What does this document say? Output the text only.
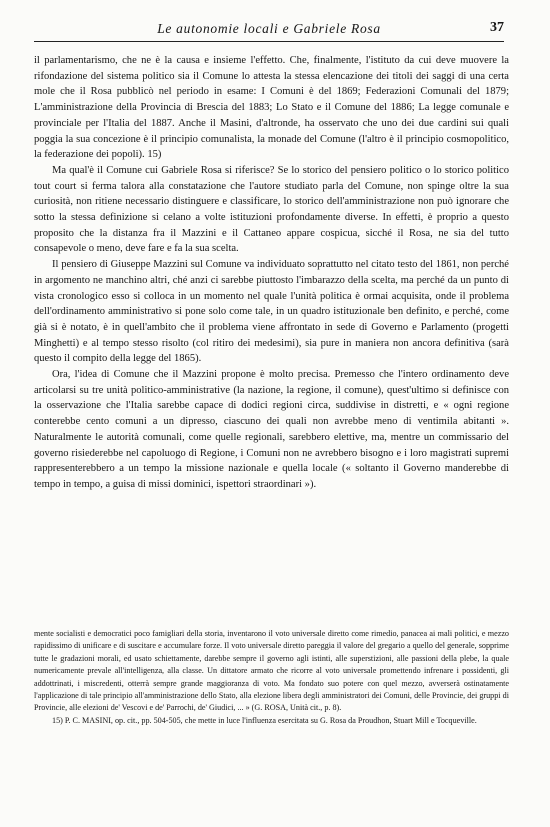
Le autonomie locali e Gabriele Rosa	37

il parlamentarismo, che ne è la causa e insieme l'effetto. Che, finalmente, l'istituto da cui deve muovere la rifondazione del sistema politico sia il Comune lo attesta la stessa elencazione dei titoli dei saggi di una certa mole che il Rosa pubblicò nel periodo in esame: I Comuni è del 1869; Federazioni Comunali del 1879; L'amministrazione della Provincia di Brescia del 1883; Lo Stato e il Comune del 1886; La legge comunale e provinciale per l'Italia del 1887. Anche il Masini, d'altronde, ha osservato che uno dei due cardini sui quali poggia la sua concezione è il principio comunalista, la monade del Comune (l'altro è il principio cosmopolitico, la federazione dei popoli). 15)

Ma qual'è il Comune cui Gabriele Rosa si riferisce? Se lo storico del pensiero politico o lo storico politico tout court si ferma talora alla constatazione che l'autore studiato parla del Comune, non spinge oltre la sua curiosità, non ritiene necessario distinguere e classificare, lo storico dell'amministrazione non può ignorare che sotto la stessa definizione si celano a volte istituzioni profondamente diverse. In effetti, è proprio a questo proposito che la distanza fra il Mazzini e il Cattaneo appare cospicua, sicché il Rosa, ne sia del tutto consapevole o meno, deve fare e fa la sua scelta.

Il pensiero di Giuseppe Mazzini sul Comune va individuato soprattutto nel citato testo del 1861, non perché in argomento ne manchino altri, ché anzi ci sarebbe piuttosto l'imbarazzo della scelta, ma perché da un punto di vista cronologico esso si colloca in un momento nel quale l'unità politica è ormai acquisita, onde il problema dell'ordinamento amministrativo si pone solo come tale, in un quadro istituzionale ben definito, e perché, come già si è notato, è in quell'ambito che il problema viene affrontato in sede di Governo e Parlamento (progetti Minghetti) e al tempo stesso risolto (col ritiro dei medesimi), sia pure in maniera non ancora definitiva (sarà questo il compito della legge del 1865).

Ora, l'idea di Comune che il Mazzini propone è molto precisa. Premesso che l'intero ordinamento deve articolarsi su tre unità politico-amministrative (la nazione, la regione, il comune), quest'ultimo si definisce con la osservazione che l'Italia sarebbe capace di dodici regioni circa, suddivise in distretti, e « ogni regione conterebbe cento comuni a un dipresso, ciascuno dei quali non avrebbe meno di ventimila abitanti ». Naturalmente le autorità comunali, come quelle regionali, sarebbero elettive, ma, mentre un commissario del governo risiederebbe nel capoluogo di Regione, i Comuni non ne avrebbero bisogno e i loro magistrati supremi rappresenterebbero a un tempo la missione nazionale e quella locale (« soltanto il Governo manderebbe di tempo in tempo, a guisa di missi dominici, ispettori straordinari »).

mente socialisti e democratici poco famigliari della storia, inventarono il voto universale diretto come rimedio, panacea ai mali politici, e mezzo rapidissimo di unificare e di suscitare e accumulare forze. Il voto universale diretto pareggia il valore del gregario a quello del generale, sopprime tutte le gradazioni morali, ed usato schiettamente, darebbe sempre il governo agli istinti, alle superstizioni, alle passioni della plebe, la quale numericamente prevale all'intelligenza, alla classe. Un dittatore armato che ricorre al voto universale promettendo infrenare i possidenti, gli addottrinati, i miscredenti, otterrà sempre grande maggioranza di voto. Ma fondato suo potere con quel mezzo, avverserà ostinatamente l'applicazione di tale principio all'amministrazione dello Stato, alla elezione libera degli amministratori dei Comuni, delle Provincie, dei gruppi di Provincie, alle elezioni de' Vescovi e de' Parrochi, de' Giudici, ... » (G. ROSA, Unità cit., p. 8).

15) P. C. MASINI, op. cit., pp. 504-505, che mette in luce l'influenza esercitata su G. Rosa da Proudhon, Stuart Mill e Tocqueville.
